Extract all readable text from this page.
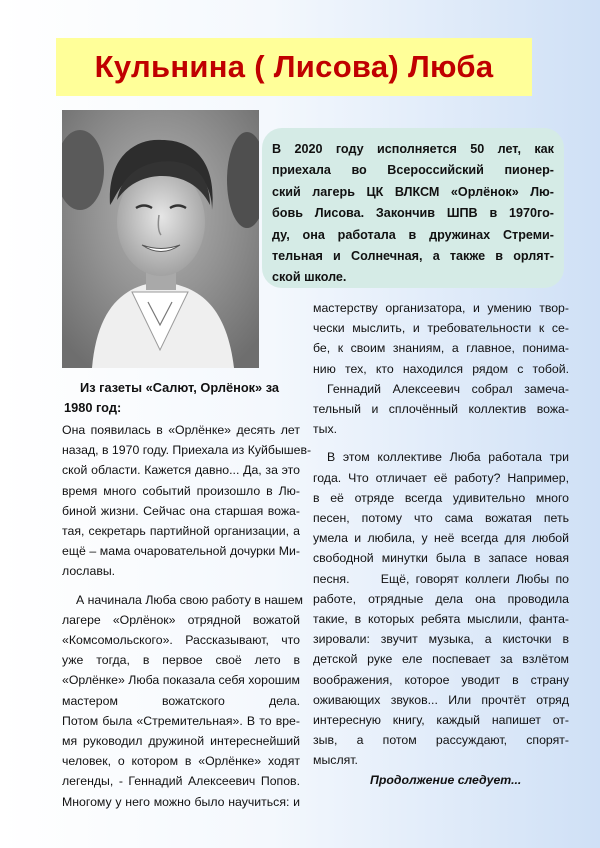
Кульнина ( Лисова) Люба
В 2020 году исполняется 50 лет, как
приехала во Всероссийский пионер-
ский лагерь ЦК ВЛКСМ «Орлёнок» Лю-
бовь Лисова. Закончив ШПВ в 1970го-
ду, она работала в дружинах Стреми-
тельная и Солнечная, а также в орлят-
ской школе.
Из газеты «Салют, Орлёнок» за
1980 год:

Она появилась в «Орлёнке» десять лет
назад, в 1970 году. Приехала из Куйбышев-
ской области. Кажется давно... Да, за это
время много событий произошло в Лю-
биной жизни. Сейчас она старшая вожа-
тая, секретарь партийной организации, а
ещё – мама очаровательной дочурки Ми-
лославы.

А начинала Люба свою работу в нашем
лагере «Орлёнок» отрядной вожатой
«Комсомольского». Рассказывают, что
уже тогда, в первое своё лето в
«Орлёнке» Люба показала себя хорошим
мастером вожатского дела.
Потом была «Стремительная». В то вре-
мя руководил дружиной интереснейший
человек, о котором в «Орлёнке» ходят
легенды, - Геннадий Алексеевич Попов.
Многому у него можно было научиться: и

мастерству организатора, и умению твор-
чески мыслить, и требовательности к се-
бе, к своим знаниям, а главное, понима-
нию тех, кто находился рядом с тобой.

Геннадий Алексеевич собрал замеча-
тельный и сплочённый коллектив вожа-
тых.

В этом коллективе Люба работала три
года. Что отличает её работу? Например,
в её отряде всегда удивительно много
песен, потому что сама вожатая петь
умела и любила, у неё всегда для любой
свободной минутки была в запасе новая
песня.     Ещё, говорят коллеги Любы по
работе, отрядные дела она проводила
такие, в которых ребята мыслили, фанта-
зировали: звучит музыка, а кисточки в
детской руке еле поспевает за взлётом
воображения, которое уводит в страну
оживающих звуков... Или прочтёт отряд
интересную книгу, каждый напишет от-
зыв, а потом рассуждают, спорят-
мыслят.

Продолжение следует...
